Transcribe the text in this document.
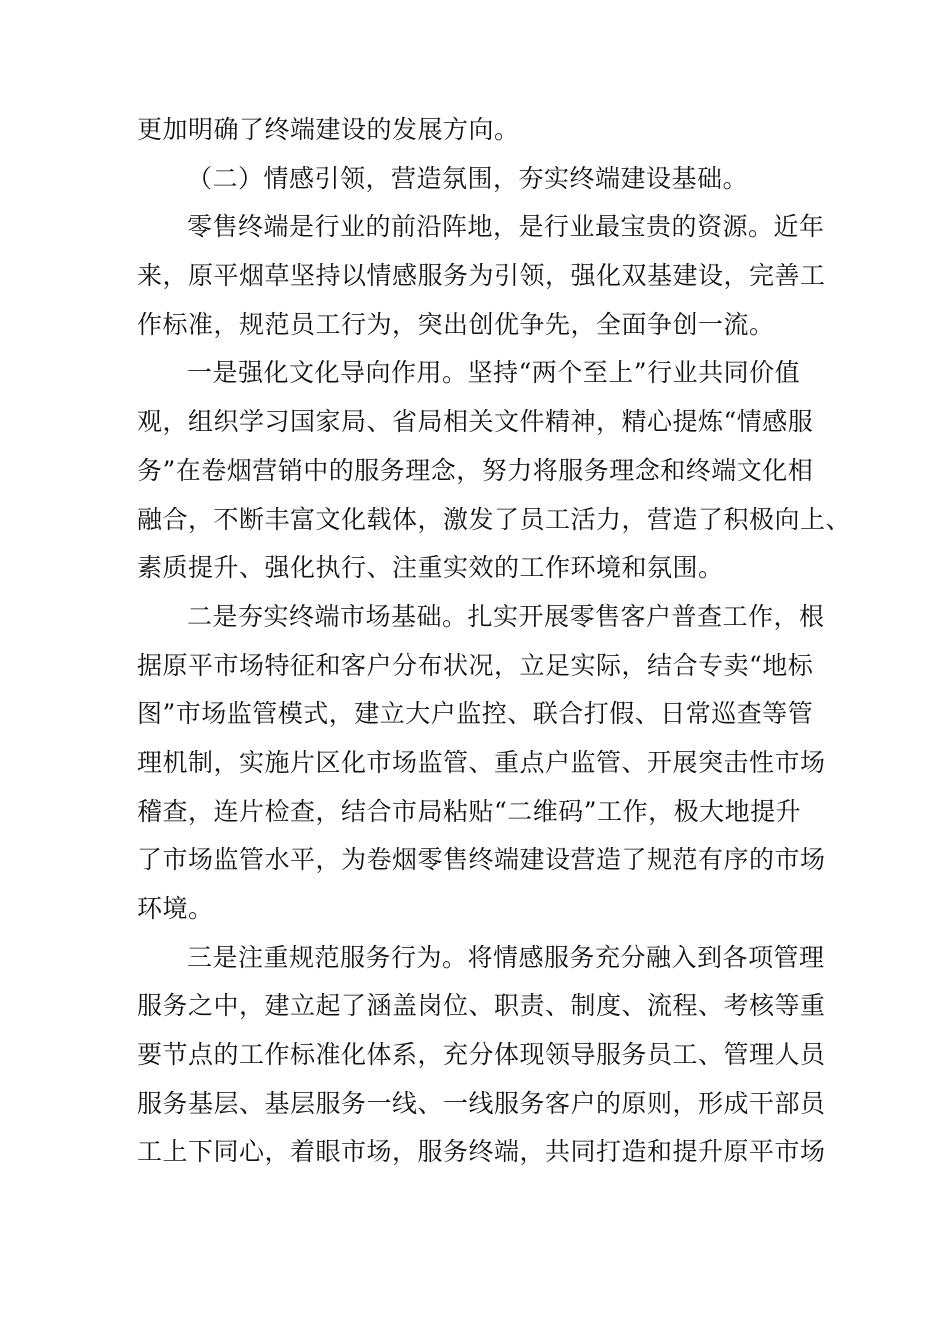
更加明确了终端建设的发展方向。
（二）情感引领，营造氛围，夯实终端建设基础。
零售终端是行业的前沿阵地，是行业最宝贵的资源。近年
来，原平烟草坚持以情感服务为引领，强化双基建设，完善工
作标准，规范员工行为，突出创优争先，全面争创一流。
一是强化文化导向作用。坚持“两个至上”行业共同价值
观，组织学习国家局、省局相关文件精神，精心提炼“情感服
务”在卷烟营销中的服务理念，努力将服务理念和终端文化相
融合，不断丰富文化载体，激发了员工活力，营造了积极向上、
素质提升、强化执行、注重实效的工作环境和氛围。
二是夯实终端市场基础。扎实开展零售客户普查工作，根
据原平市场特征和客户分布状况，立足实际，结合专卖“地标
图”市场监管模式，建立大户监控、联合打假、日常巡查等管
理机制，实施片区化市场监管、重点户监管、开展突击性市场
稽查，连片检查，结合市局粘贴“二维码”工作，极大地提升
了市场监管水平，为卷烟零售终端建设营造了规范有序的市场
环境。
三是注重规范服务行为。将情感服务充分融入到各项管理
服务之中，建立起了涵盖岗位、职责、制度、流程、考核等重
要节点的工作标准化体系，充分体现领导服务员工、管理人员
服务基层、基层服务一线、一线服务客户的原则，形成干部员
工上下同心，着眼市场，服务终端，共同打造和提升原平市场
